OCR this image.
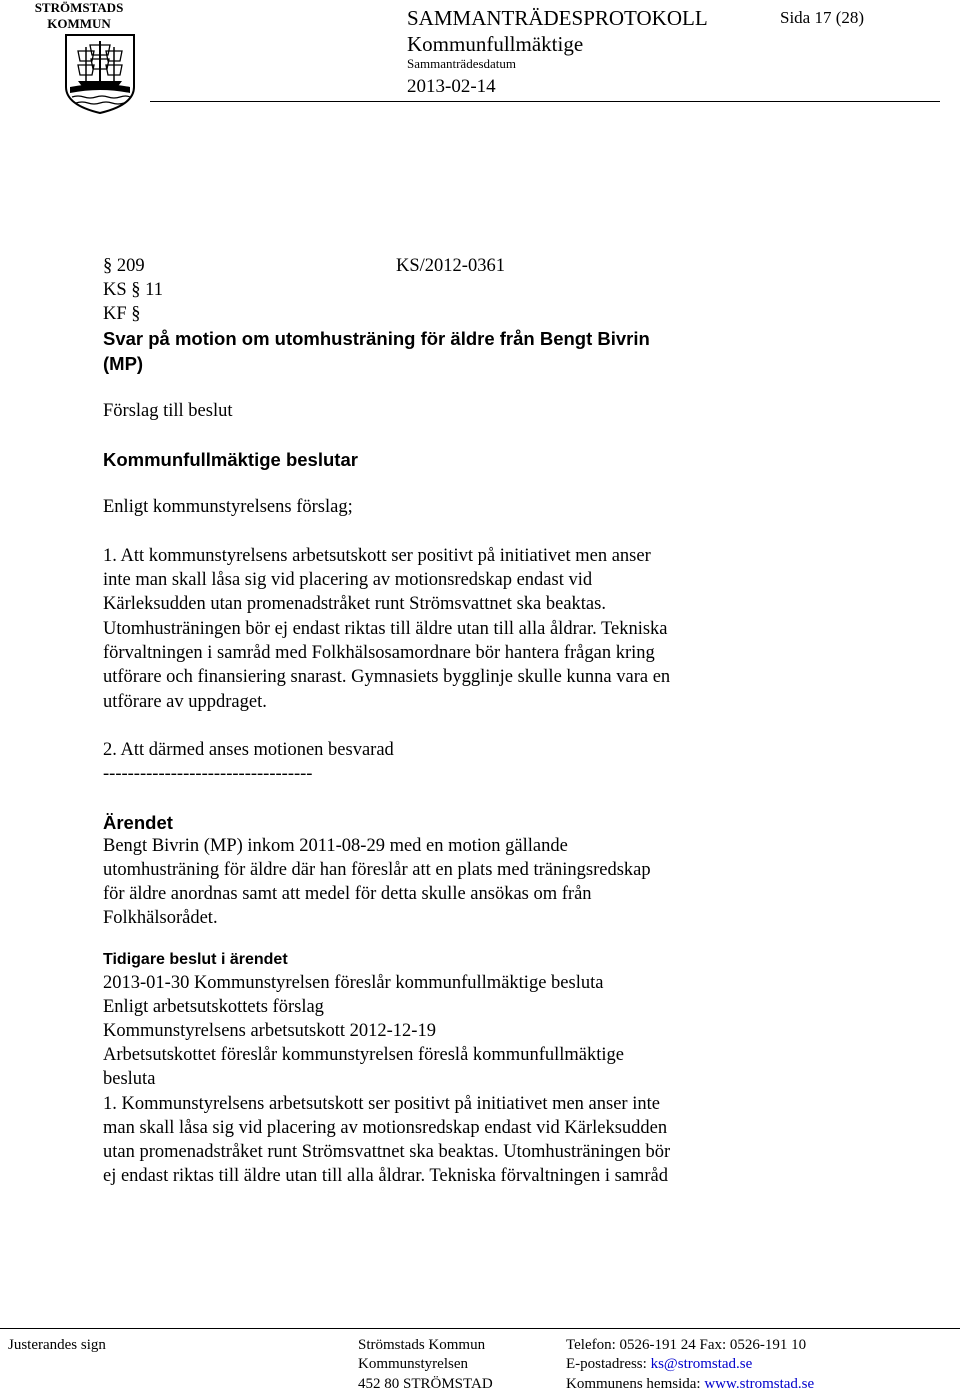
STRÖMSTADS
KOMMUN	SAMMANTRÄDESPROTOKOLL	Sida 17 (28)
Kommunfullmäktige
Sammanträdesdatum
2013-02-14
§ 209	KS/2012-0361
KS § 11
KF §
Svar på motion om utomhusträning för äldre från Bengt Bivrin
(MP)
Förslag till beslut
Kommunfullmäktige beslutar
Enligt kommunstyrelsens förslag;
1. Att kommunstyrelsens arbetsutskott ser positivt på initiativet men anser
inte man skall låsa sig vid placering av motionsredskap endast vid
Kärleksudden utan promenadstråket runt Strömsvattnet ska beaktas.
Utomhusträningen bör ej endast riktas till äldre utan till alla åldrar. Tekniska
förvaltningen i samråd med Folkhälsosamordnare bör hantera frågan kring
utförare och finansiering snarast. Gymnasiets bygglinje skulle kunna vara en
utförare av uppdraget.
2. Att därmed anses motionen besvarad
----------------------------------
Ärendet
Bengt Bivrin (MP) inkom 2011-08-29 med en motion gällande
utomhusträning för äldre där han föreslår att en plats med träningsredskap
för äldre anordnas samt att medel för detta skulle ansökas om från
Folkhälsorådet.
Tidigare beslut i ärendet
2013-01-30 Kommunstyrelsen föreslår kommunfullmäktige besluta
Enligt arbetsutskottets förslag
Kommunstyrelsens arbetsutskott 2012-12-19
Arbetsutskottet föreslår kommunstyrelsen föreslå kommunfullmäktige
besluta
1. Kommunstyrelsens arbetsutskott ser positivt på initiativet men anser inte
man skall låsa sig vid placering av motionsredskap endast vid Kärleksudden
utan promenadstråket runt Strömsvattnet ska beaktas. Utomhusträningen bör
ej endast riktas till äldre utan till alla åldrar. Tekniska förvaltningen i samråd
Justerandes sign	Strömstads Kommun
Kommunstyrelsen
452 80 STRÖMSTAD
Telefon: 0526-191 24 Fax: 0526-191 10
E-postadress: ks@stromstad.se
Kommunens hemsida: www.stromstad.se
